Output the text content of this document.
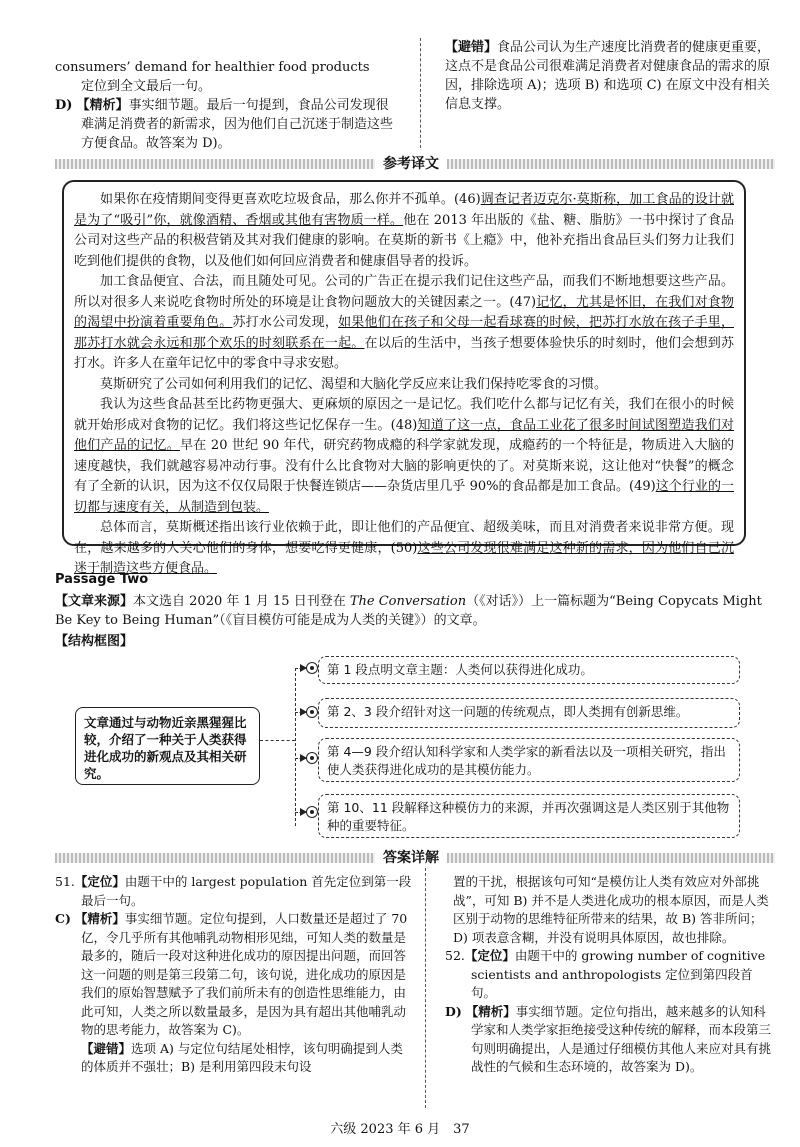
consumers’ demand for healthier food products

定位到全文最后一句。

D) 【精析】事实细节题。最后一句提到，食品公司发现很难满足消费者的新需求，因为他们自己沉迷于制造这些方便食品。故答案为 D)。

【避错】食品公司认为生产速度比消费者的健康更重要，这点不是食品公司很难满足消费者对健康食品的需求的原因，排除选项 A)；选项 B) 和选项 C) 在原文中没有相关信息支撑。

参考译文

如果你在疫情期间变得更喜欢吃垃圾食品，那么你并不孤单。(46)调查记者迈克尔·莫斯称，加工食品的设计就是为了“吸引”你，就像酒精、香烟或其他有害物质一样。他在 2013 年出版的《盐、糖、脂肪》一书中探讨了食品公司对这些产品的积极营销及其对我们健康的影响。在莫斯的新书《上瘾》中，他补充指出食品巨头们努力让我们吃到他们提供的食物，以及他们如何回应消费者和健康倡导者的投诉。

加工食品便宜、合法，而且随处可见。公司的广告正在提示我们记住这些产品，而我们不断地想要这些产品。所以对很多人来说吃食物时所处的环境是让食物问题放大的关键因素之一。(47)记忆，尤其是怀旧，在我们对食物的渴望中扮演着重要角色。苏打水公司发现，如果他们在孩子和父母一起看球赛的时候，把苏打水放在孩子手里，那苏打水就会永远和那个欢乐的时刻联系在一起。在以后的生活中，当孩子想要体验快乐的时刻时，他们会想到苏打水。许多人在童年记忆中的零食中寻求安慰。

莫斯研究了公司如何利用我们的记忆、渴望和大脑化学反应来让我们保持吃零食的习惯。

我认为这些食品甚至比药物更强大、更麻烦的原因之一是记忆。我们吃什么都与记忆有关，我们在很小的时候就开始形成对食物的记忆。我们将这些记忆保存一生。(48)知道了这一点，食品工业花了很多时间试图塑造我们对他们产品的记忆。早在 20 世纪 90 年代，研究药物成瘾的科学家就发现，成瘾药的一个特征是，物质进入大脑的速度越快，我们就越容易冲动行事。没有什么比食物对大脑的影响更快的了。对莫斯来说，这让他对“快餐”的概念有了全新的认识，因为这不仅仅局限于快餐连锁店——杂货店里几乎 90%的食品都是加工食品。(49)这个行业的一切都与速度有关，从制造到包装。

总体而言，莫斯概述指出该行业依赖于此，即让他们的产品便宜、超级美味，而且对消费者来说非常方便。现在，越来越多的人关心他们的身体，想要吃得更健康，(50)这些公司发现很难满足这种新的需求，因为他们自己沉迷于制造这些方便食品。

Passage Two
【文章来源】本文选自 2020 年 1 月 15 日刊登在 The Conversation（《对话》）上一篇标题为“Being Copycats Might Be Key to Being Human”（《盲目模仿可能是成为人类的关键》）的文章。
【结构框图】
文章通过与动物近亲黑猩猩比较，介绍了一种关于人类获得进化成功的新观点及其相关研究。
第 1 段点明文章主题：人类何以获得进化成功。
第 2、3 段介绍针对这一问题的传统观点，即人类拥有创新思维。
第 4—9 段介绍认知科学家和人类学家的新看法以及一项相关研究，指出使人类获得进化成功的是其模仿能力。
第 10、11 段解释这种模仿力的来源，并再次强调这是人类区别于其他物种的重要特征。
答案详解

51.【定位】由题干中的 largest population 首先定位到第一段最后一句。

C) 【精析】事实细节题。定位句提到，人口数量还是超过了 70 亿，令几乎所有其他哺乳动物相形见绌，可知人类的数量是最多的，随后一段对这种进化成功的原因提出问题，而回答这一问题的则是第三段第二句，该句说，进化成功的原因是我们的原始智慧赋予了我们前所未有的创造性思维能力，由此可知，人类之所以数量最多，是因为具有超出其他哺乳动物的思考能力，故答案为 C)。

【避错】选项 A) 与定位句结尾处相悖，该句明确提到人类的体质并不强壮；B) 是利用第四段末句设

置的干扰，根据该句可知“是模仿让人类有效应对外部挑战”，可知 B) 并不是人类进化成功的根本原因，而是人类区别于动物的思维特征所带来的结果，故 B) 答非所问；D) 项表意含糊，并没有说明具体原因，故也排除。

52.【定位】由题干中的 growing number of cognitive scientists and anthropologists 定位到第四段首句。

D) 【精析】事实细节题。定位句指出，越来越多的认知科学家和人类学家拒绝接受这种传统的解释，而本段第三句则明确提出，人是通过仔细模仿其他人来应对具有挑战性的气候和生态环境的，故答案为 D)。

六级 2023 年 6 月　37
